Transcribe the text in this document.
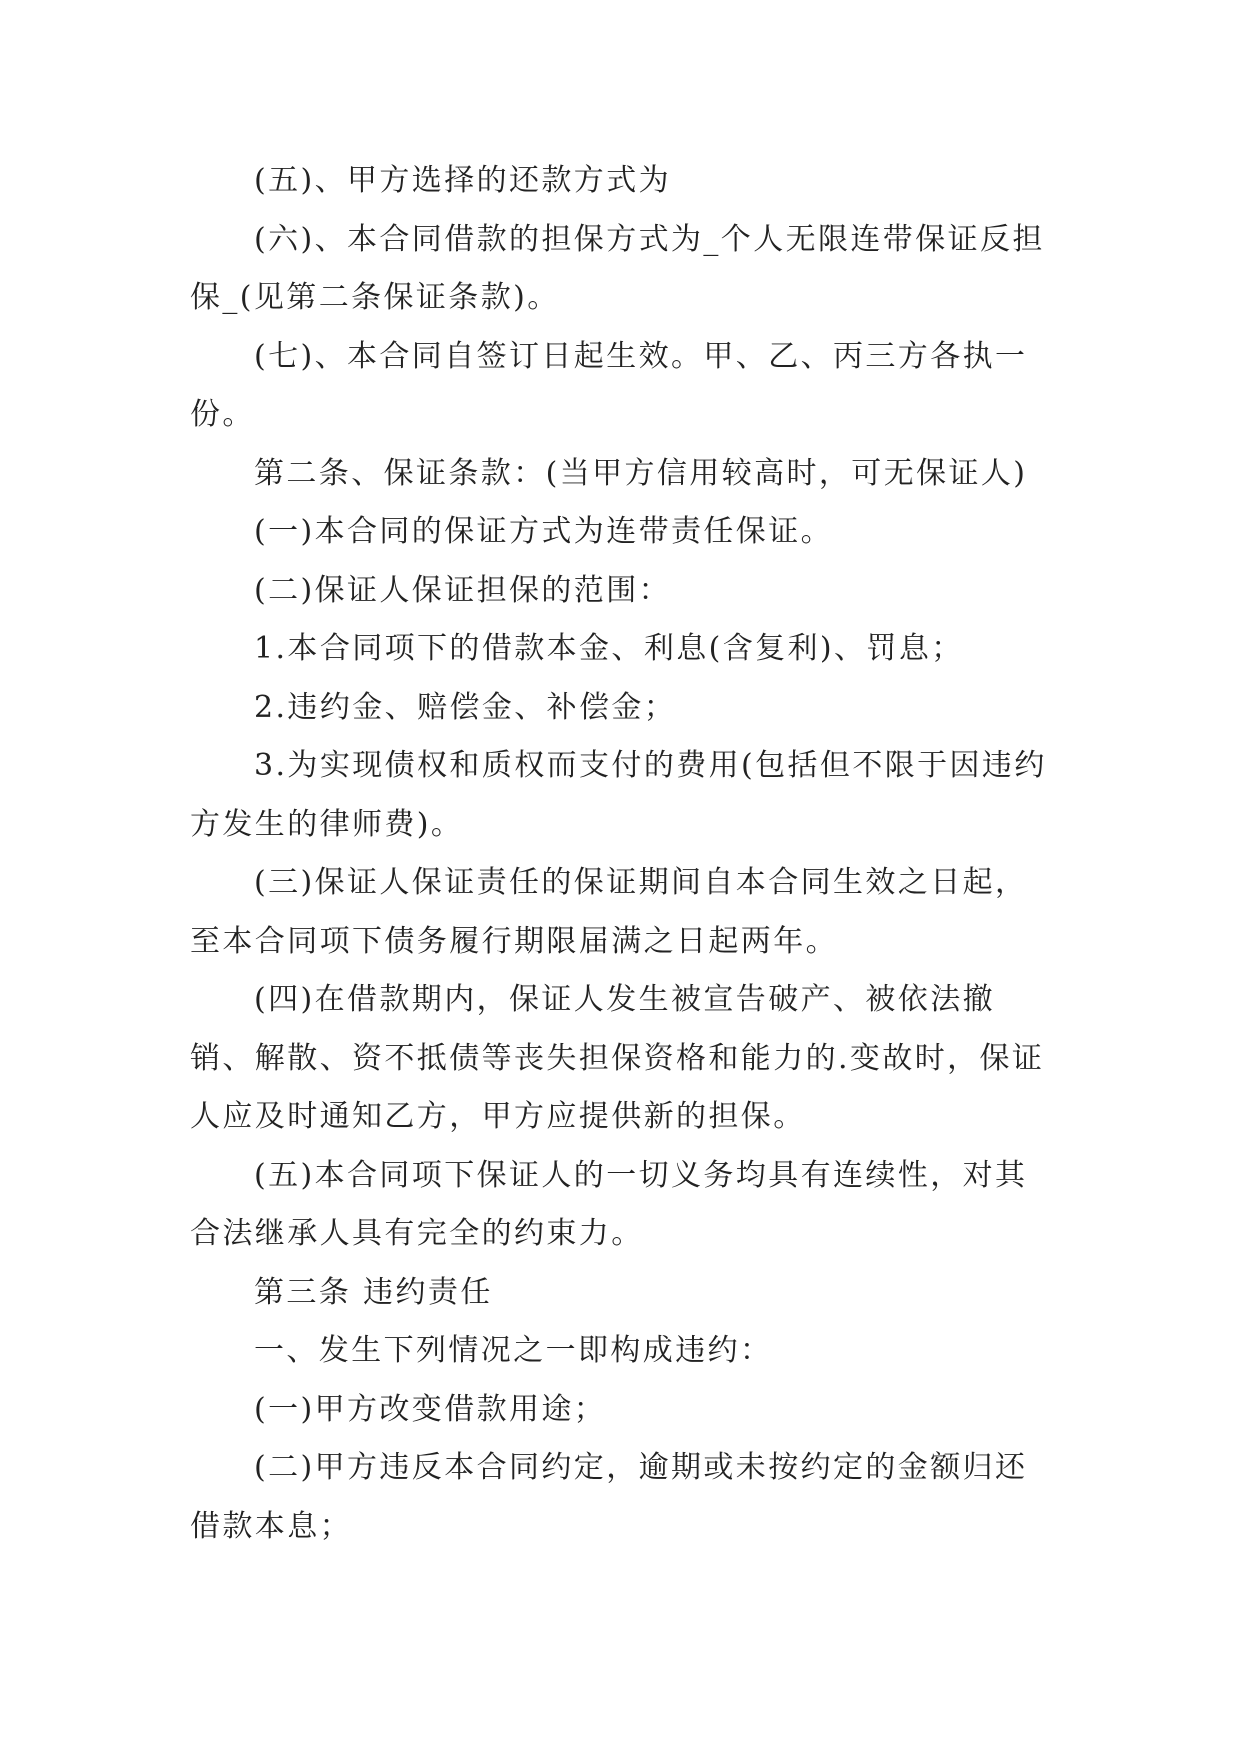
(五)、甲方选择的还款方式为

(六)、本合同借款的担保方式为_个人无限连带保证反担保_(见第二条保证条款)。

(七)、本合同自签订日起生效。甲、乙、丙三方各执一份。

第二条、保证条款：(当甲方信用较高时，可无保证人)

(一)本合同的保证方式为连带责任保证。

(二)保证人保证担保的范围：

1.本合同项下的借款本金、利息(含复利)、罚息；

2.违约金、赔偿金、补偿金；

3.为实现债权和质权而支付的费用(包括但不限于因违约方发生的律师费)。

(三)保证人保证责任的保证期间自本合同生效之日起，至本合同项下债务履行期限届满之日起两年。

(四)在借款期内，保证人发生被宣告破产、被依法撤销、解散、资不抵债等丧失担保资格和能力的.变故时，保证人应及时通知乙方，甲方应提供新的担保。

(五)本合同项下保证人的一切义务均具有连续性，对其合法继承人具有完全的约束力。

第三条 违约责任

一、发生下列情况之一即构成违约：

(一)甲方改变借款用途；

(二)甲方违反本合同约定，逾期或未按约定的金额归还借款本息；
